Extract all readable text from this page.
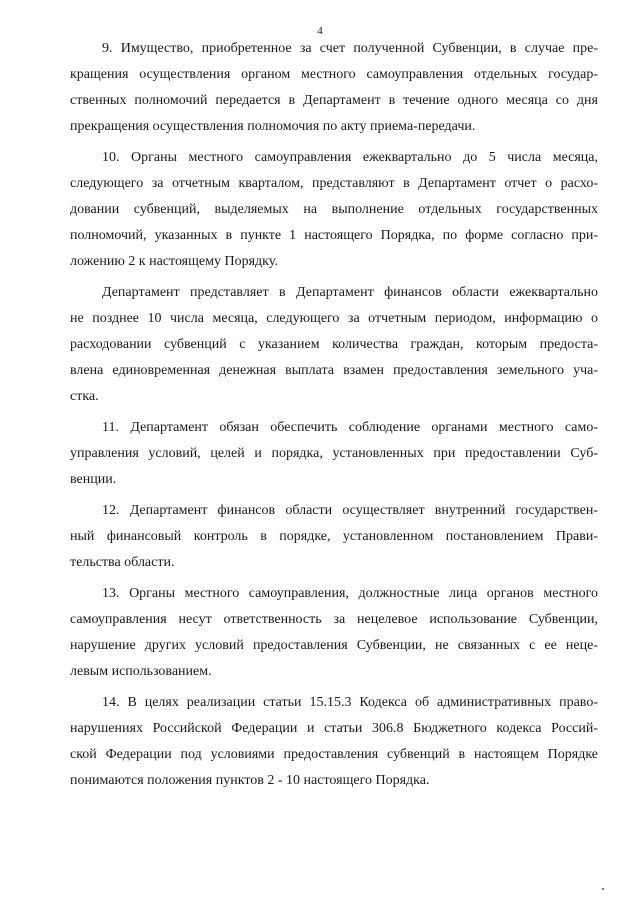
4

9. Имущество, приобретенное за счет полученной Субвенции, в случае пре-
кращения осуществления органом местного самоуправления отдельных государ-
ственных полномочий передается в Департамент в течение одного месяца со дня
прекращения осуществления полномочия по акту приема-передачи.

10. Органы местного самоуправления ежеквартально до 5 числа месяца,
следующего за отчетным кварталом, представляют в Департамент отчет о расхо-
довании субвенций, выделяемых на выполнение отдельных государственных
полномочий, указанных в пункте 1 настоящего Порядка, по форме согласно при-
ложению 2 к настоящему Порядку.

Департамент представляет в Департамент финансов области ежеквартально
не позднее 10 числа месяца, следующего за отчетным периодом, информацию о
расходовании субвенций с указанием количества граждан, которым предоста-
влена единовременная денежная выплата взамен предоставления земельного уча-
стка.

11. Департамент обязан обеспечить соблюдение органами местного само-
управления условий, целей и порядка, установленных при предоставлении Суб-
венции.

12. Департамент финансов области осуществляет внутренний государствен-
ный финансовый контроль в порядке, установленном постановлением Прави-
тельства области.

13. Органы местного самоуправления, должностные лица органов местного
самоуправления несут ответственность за нецелевое использование Субвенции,
нарушение других условий предоставления Субвенции, не связанных с ее неце-
левым использованием.

14. В целях реализации статьи 15.15.3 Кодекса об административных право-
нарушениях Российской Федерации и статьи 306.8 Бюджетного кодекса Россий-
ской Федерации под условиями предоставления субвенций в настоящем Порядке
понимаются положения пунктов 2 - 10 настоящего Порядка.
